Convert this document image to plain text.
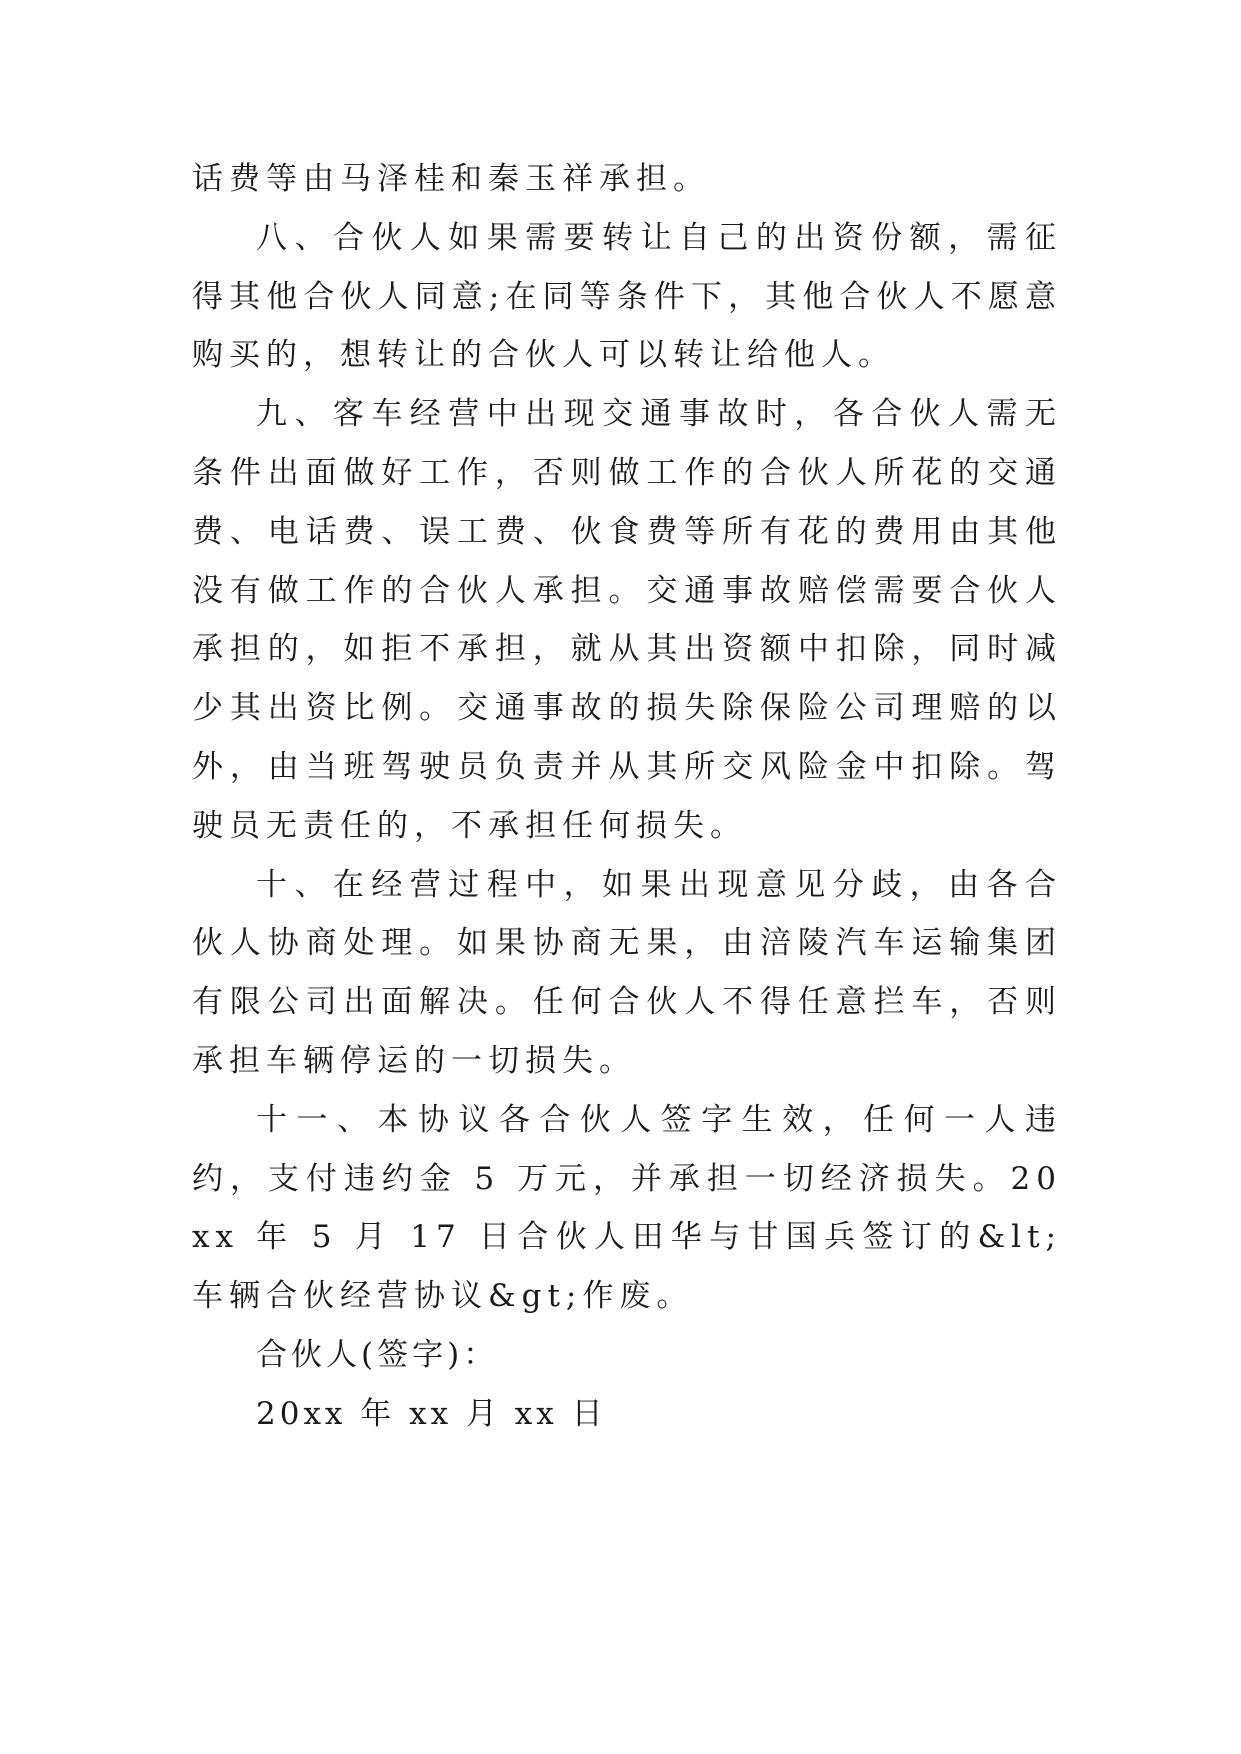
话费等由马泽桂和秦玉祥承担。

八、合伙人如果需要转让自己的出资份额，需征得其他合伙人同意;在同等条件下，其他合伙人不愿意购买的，想转让的合伙人可以转让给他人。

九、客车经营中出现交通事故时，各合伙人需无条件出面做好工作，否则做工作的合伙人所花的交通费、电话费、误工费、伙食费等所有花的费用由其他没有做工作的合伙人承担。交通事故赔偿需要合伙人承担的，如拒不承担，就从其出资额中扣除，同时减少其出资比例。交通事故的损失除保险公司理赔的以外，由当班驾驶员负责并从其所交风险金中扣除。驾驶员无责任的，不承担任何损失。

十、在经营过程中，如果出现意见分歧，由各合伙人协商处理。如果协商无果，由涪陵汽车运输集团有限公司出面解决。任何合伙人不得任意拦车，否则承担车辆停运的一切损失。

十一、本协议各合伙人签字生效，任何一人违约，支付违约金 5 万元，并承担一切经济损失。20xx 年 5 月 17 日合伙人田华与甘国兵签订的&lt;车辆合伙经营协议&gt;作废。

合伙人(签字)：

20xx 年 xx 月 xx 日
